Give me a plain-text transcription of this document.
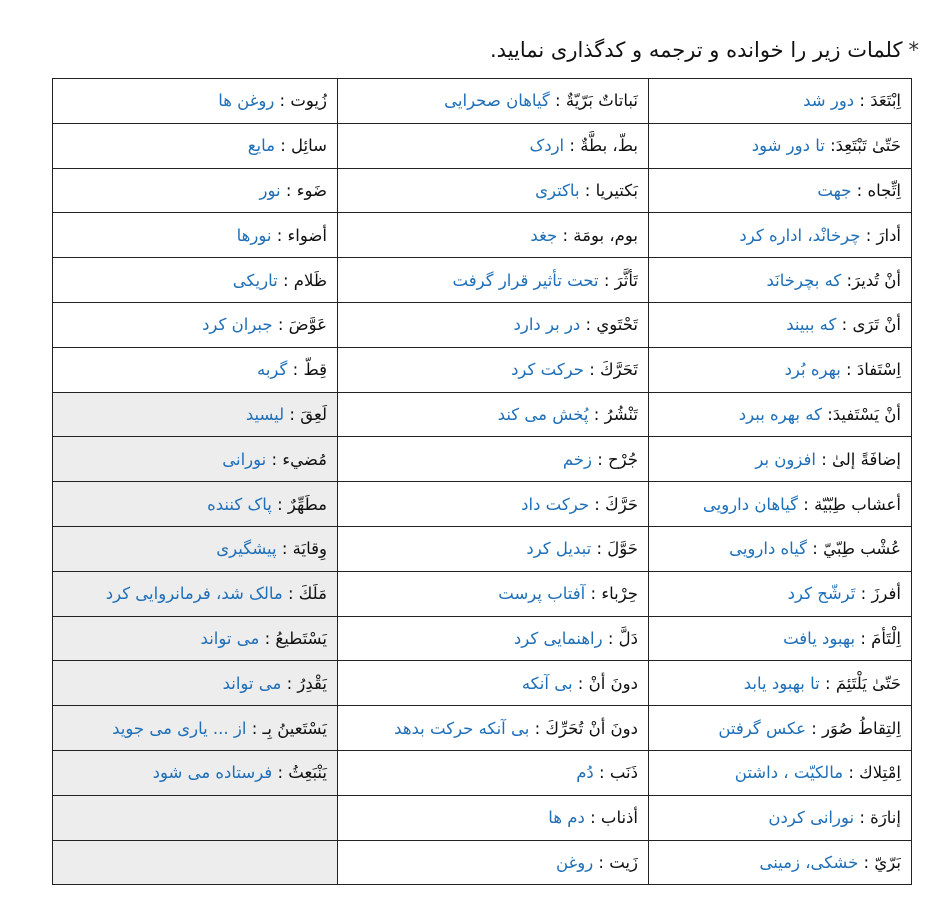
*کلمات زیر را خوانده و ترجمه و کدگذاری نمایید.
اِبْتَعَدَ : دور شد	نَباتاتٌ بَرّیّةٌ : گیاهان صحرایی	زُیوت : روغن ها
حَتّیٰ تَبْتَعِدَ: تا دور شود	بطّ، بطَّةٌ : اردک	سائِل : مایع
اِتِّجاه : جهت	بَکتیریا : باکتری	ضَوء : نور
أدارَ : چرخانْد، اداره کرد	بوم، بومَة : جغد	أضواء : نورها
أنْ تُدیرَ: که بچرخانَد	تَأثَّرَ : تحت تأثیر قرار گرفت	ظَلام : تاریکی
أنْ تَرَی : که ببیند	تَحْتَوي : در بر دارد	عَوَّضَ : جبران کرد
اِسْتَفادَ : بهره بُرد	تَحَرَّكَ : حرکت کرد	قِطّ : گربه
أنْ یَسْتَفیدَ: که بهره ببرد	تَنْشُرُ : پُخش می کند	لَعِقَ : لیسید
إضافَةً إلیٰ : افزون بر	جُرْح : زخم	مُضيء : نورانی
أعشاب طِبّیّة : گیاهان دارویی	حَرَّكَ : حرکت داد	مطَهِّرٌ : پاک کننده
عُشْب طِبّيّ : گیاه دارویی	حَوَّلَ : تبدیل کرد	وِقایَة : پیشگیری
أفرزَ : تَرشّح کرد	حِرْباء : آفتاب پرست	مَلَكَ : مالک شد، فرمانروایی کرد
اِلْتَأمَ : بهبود یافت	دَلَّ : راهنمایی کرد	یَسْتَطیعُ : می تواند
حَتّیٰ یَلْتَئِمَ : تا بهبود یابد	دونَ أنْ : بی آنکه	یَقْدِرُ : می تواند
اِلتِقاطُ صُوَر : عکس گرفتن	دونَ أنْ تُحَرِّكَ : بی آنکه حرکت بدهد	یَسْتَعینُ بِـ : از ... یاری می جوید
اِمْتِلاك : مالکیّت ، داشتن	ذَنَب : دُم	یَنْبَعِثُ : فرستاده می شود
إنارَة : نورانی کردن	أذناب : دم ها	
بَرّيّ : خشکی، زمینی	زَیت : روغن	
